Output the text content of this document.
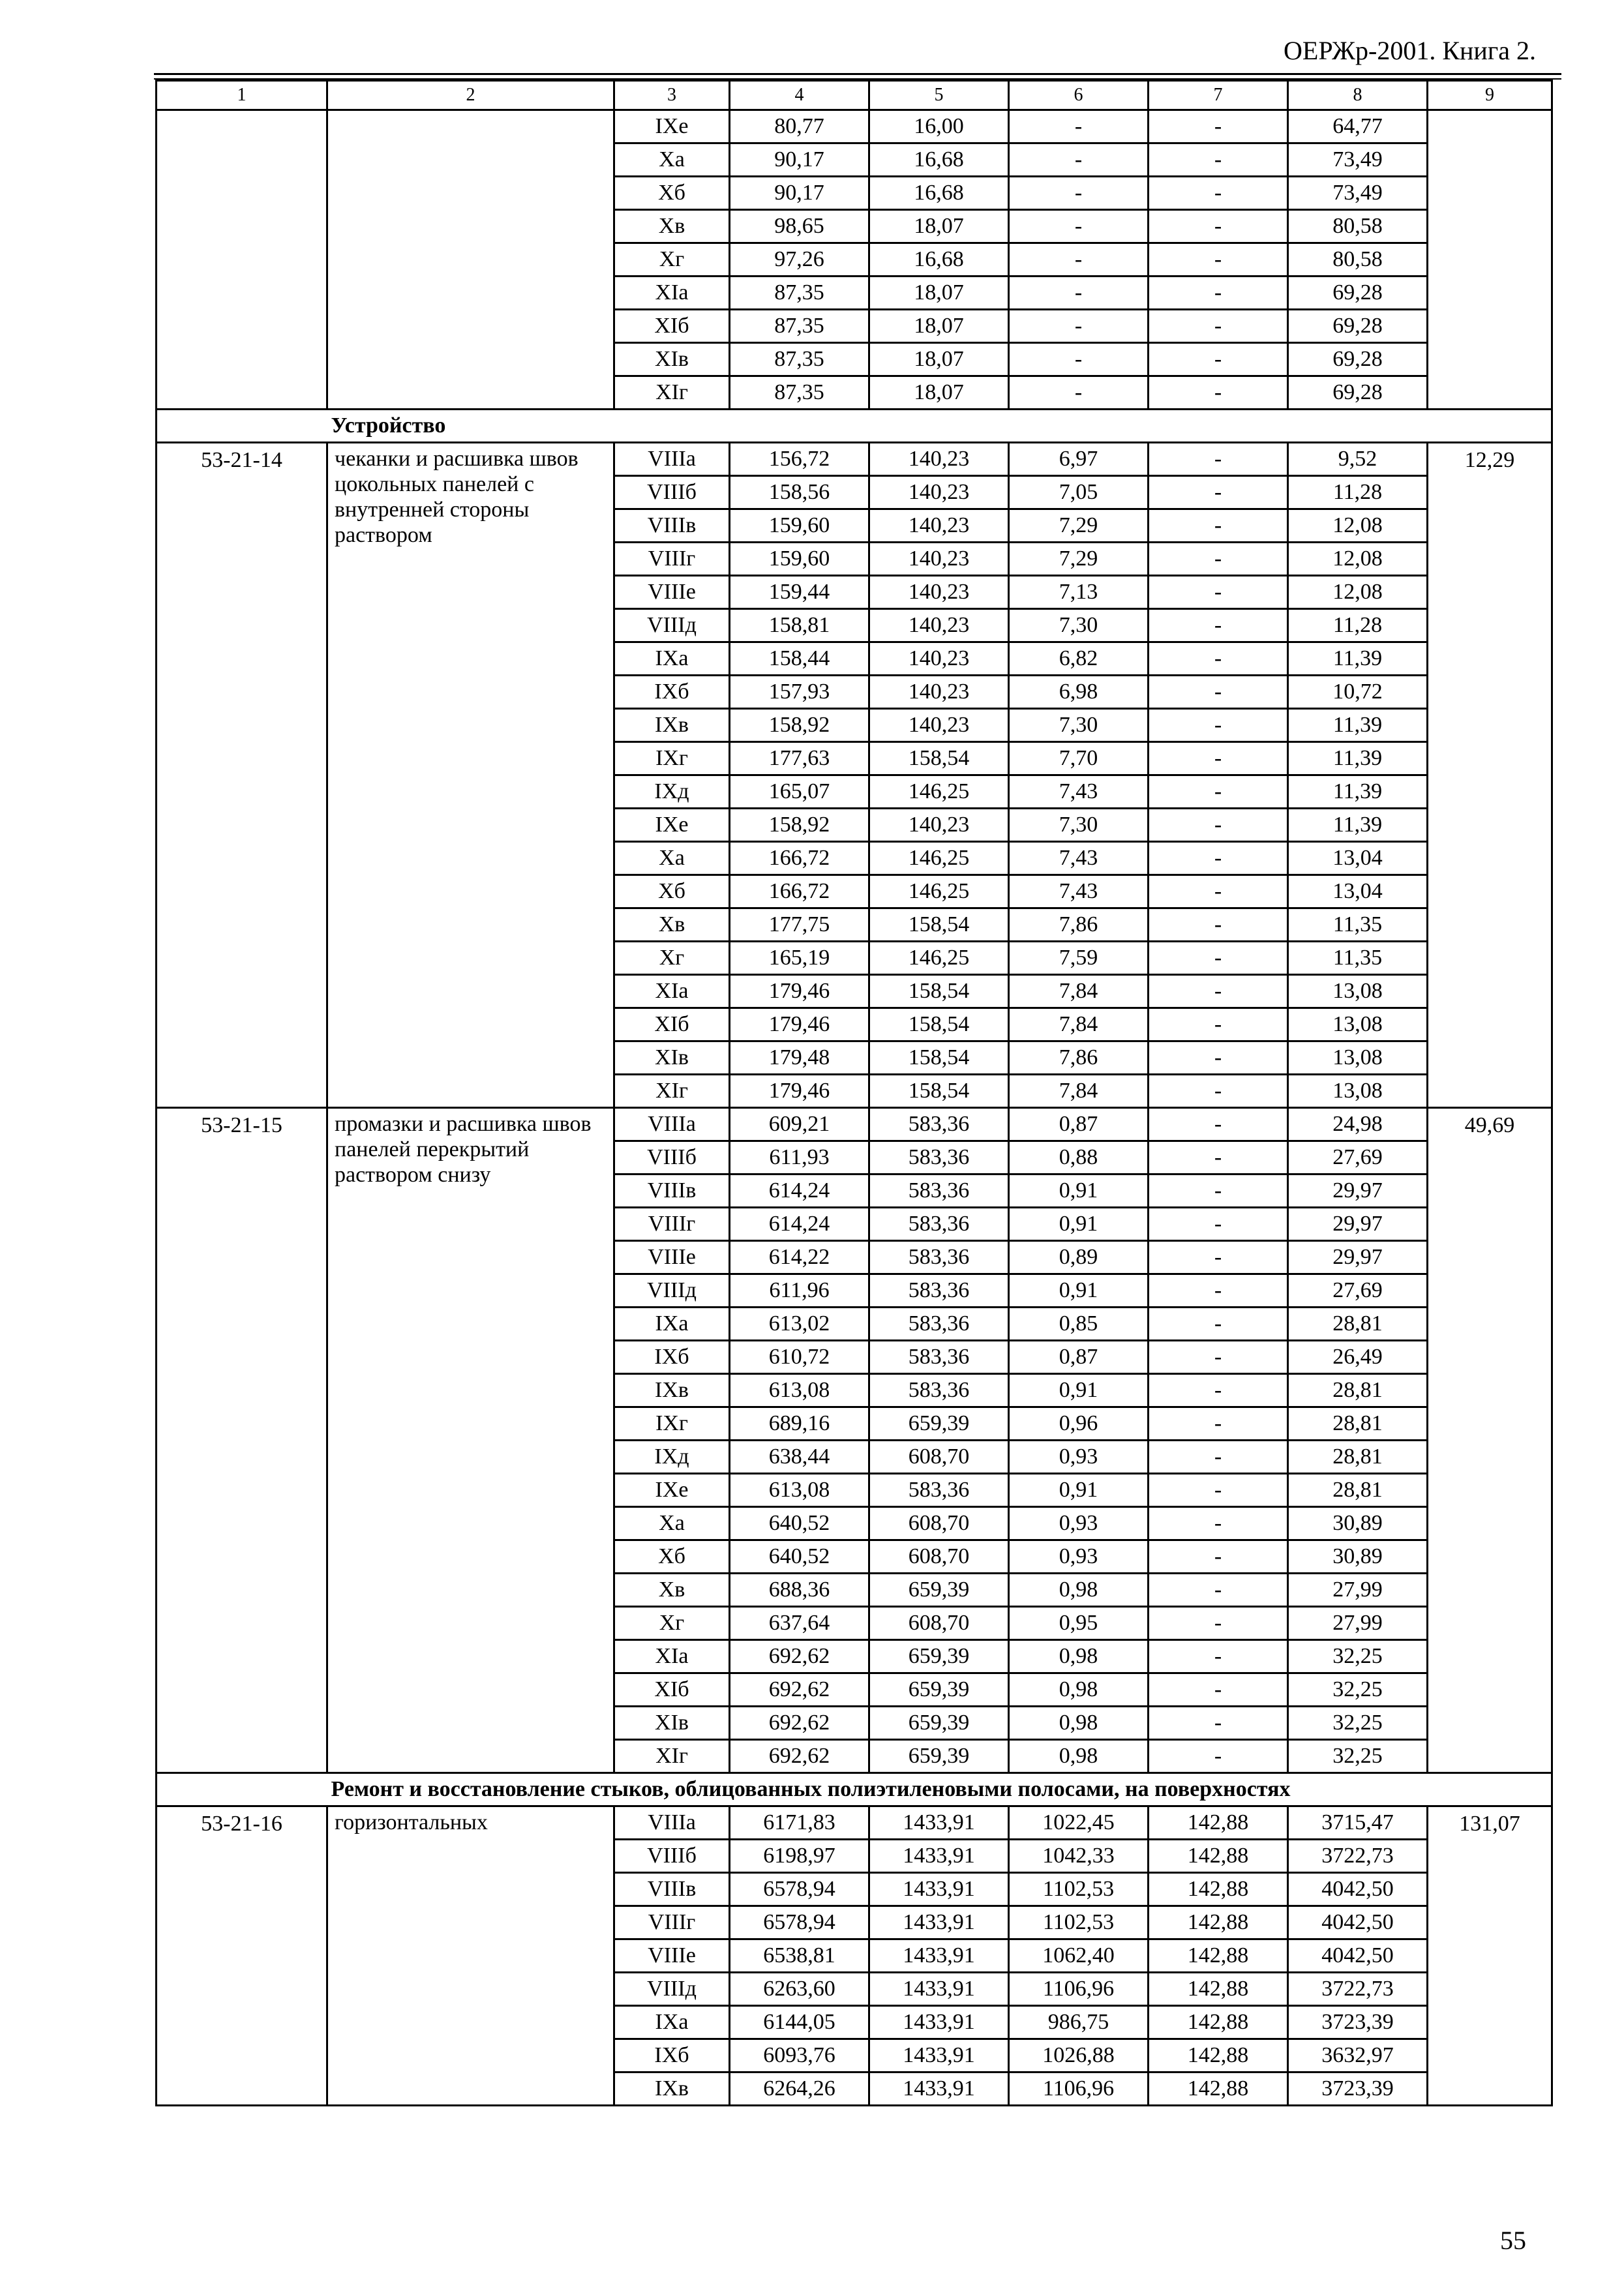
ОЕРЖр-2001. Книга 2.
1	2	3	4	5	6	7	8	9
		IXе	80,77	16,00	-	-	64,77	
		Xа	90,17	16,68	-	-	73,49	
		Xб	90,17	16,68	-	-	73,49	
		Xв	98,65	18,07	-	-	80,58	
		Xг	97,26	16,68	-	-	80,58	
		XIа	87,35	18,07	-	-	69,28	
		XIб	87,35	18,07	-	-	69,28	
		XIв	87,35	18,07	-	-	69,28	
		XIг	87,35	18,07	-	-	69,28	
	Устройство							
53-21-14	чеканки и расшивка швов цокольных панелей с внутренней стороны раствором	VIIIа	156,72	140,23	6,97	-	9,52	12,29
		VIIIб	158,56	140,23	7,05	-	11,28	
		VIIIв	159,60	140,23	7,29	-	12,08	
		VIIIг	159,60	140,23	7,29	-	12,08	
		VIIIе	159,44	140,23	7,13	-	12,08	
		VIIIд	158,81	140,23	7,30	-	11,28	
		IXа	158,44	140,23	6,82	-	11,39	
		IXб	157,93	140,23	6,98	-	10,72	
		IXв	158,92	140,23	7,30	-	11,39	
		IXг	177,63	158,54	7,70	-	11,39	
		IXд	165,07	146,25	7,43	-	11,39	
		IXе	158,92	140,23	7,30	-	11,39	
		Xа	166,72	146,25	7,43	-	13,04	
		Xб	166,72	146,25	7,43	-	13,04	
		Xв	177,75	158,54	7,86	-	11,35	
		Xг	165,19	146,25	7,59	-	11,35	
		XIа	179,46	158,54	7,84	-	13,08	
		XIб	179,46	158,54	7,84	-	13,08	
		XIв	179,48	158,54	7,86	-	13,08	
		XIг	179,46	158,54	7,84	-	13,08	
53-21-15	промазки и расшивка швов панелей перекрытий раствором снизу	VIIIа	609,21	583,36	0,87	-	24,98	49,69
		VIIIб	611,93	583,36	0,88	-	27,69	
		VIIIв	614,24	583,36	0,91	-	29,97	
		VIIIг	614,24	583,36	0,91	-	29,97	
		VIIIе	614,22	583,36	0,89	-	29,97	
		VIIIд	611,96	583,36	0,91	-	27,69	
		IXа	613,02	583,36	0,85	-	28,81	
		IXб	610,72	583,36	0,87	-	26,49	
		IXв	613,08	583,36	0,91	-	28,81	
		IXг	689,16	659,39	0,96	-	28,81	
		IXд	638,44	608,70	0,93	-	28,81	
		IXе	613,08	583,36	0,91	-	28,81	
		Xа	640,52	608,70	0,93	-	30,89	
		Xб	640,52	608,70	0,93	-	30,89	
		Xв	688,36	659,39	0,98	-	27,99	
		Xг	637,64	608,70	0,95	-	27,99	
		XIа	692,62	659,39	0,98	-	32,25	
		XIб	692,62	659,39	0,98	-	32,25	
		XIв	692,62	659,39	0,98	-	32,25	
		XIг	692,62	659,39	0,98	-	32,25	
	Ремонт и восстановление стыков, облицованных полиэтиленовыми полосами, на поверхностях							
53-21-16	горизонтальных	VIIIа	6171,83	1433,91	1022,45	142,88	3715,47	131,07
		VIIIб	6198,97	1433,91	1042,33	142,88	3722,73	
		VIIIв	6578,94	1433,91	1102,53	142,88	4042,50	
		VIIIг	6578,94	1433,91	1102,53	142,88	4042,50	
		VIIIе	6538,81	1433,91	1062,40	142,88	4042,50	
		VIIIд	6263,60	1433,91	1106,96	142,88	3722,73	
		IXа	6144,05	1433,91	986,75	142,88	3723,39	
		IXб	6093,76	1433,91	1026,88	142,88	3632,97	
		IXв	6264,26	1433,91	1106,96	142,88	3723,39	
55
